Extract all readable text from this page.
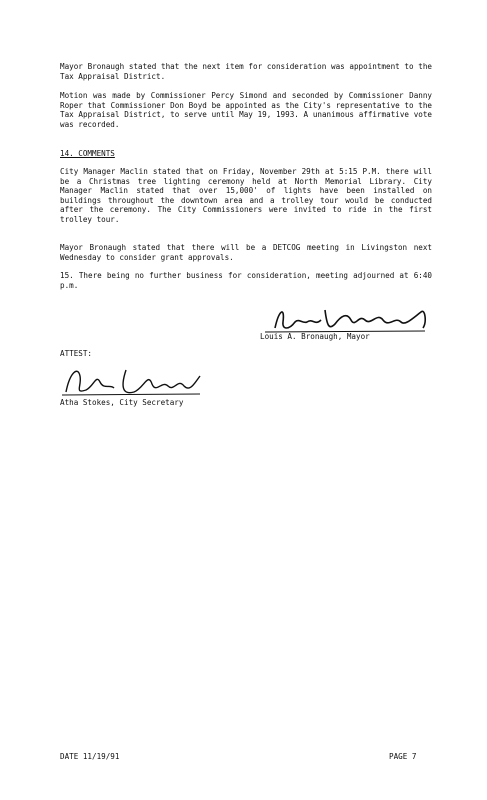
Mayor Bronaugh stated that the next item for consideration was appointment to the Tax Appraisal District.
Motion was made by Commissioner Percy Simond and seconded by Commissioner Danny Roper that Commissioner Don Boyd be appointed as the City's representative to the Tax Appraisal District, to serve until May 19, 1993. A unanimous affirmative vote was recorded.
14. COMMENTS
City Manager Maclin stated that on Friday, November 29th at 5:15 P.M. there will be a Christmas tree lighting ceremony held at North Memorial Library. City Manager Maclin stated that over 15,000' of lights have been installed on buildings throughout the downtown area and a trolley tour would be conducted after the ceremony. The City Commissioners were invited to ride in the first trolley tour.
Mayor Bronaugh stated that there will be a DETCOG meeting in Livingston next Wednesday to consider grant approvals.
15. There being no further business for consideration, meeting adjourned at 6:40 p.m.
Louis A. Bronaugh, Mayor
ATTEST:
Atha Stokes, City Secretary
DATE 11/19/91	PAGE 7
